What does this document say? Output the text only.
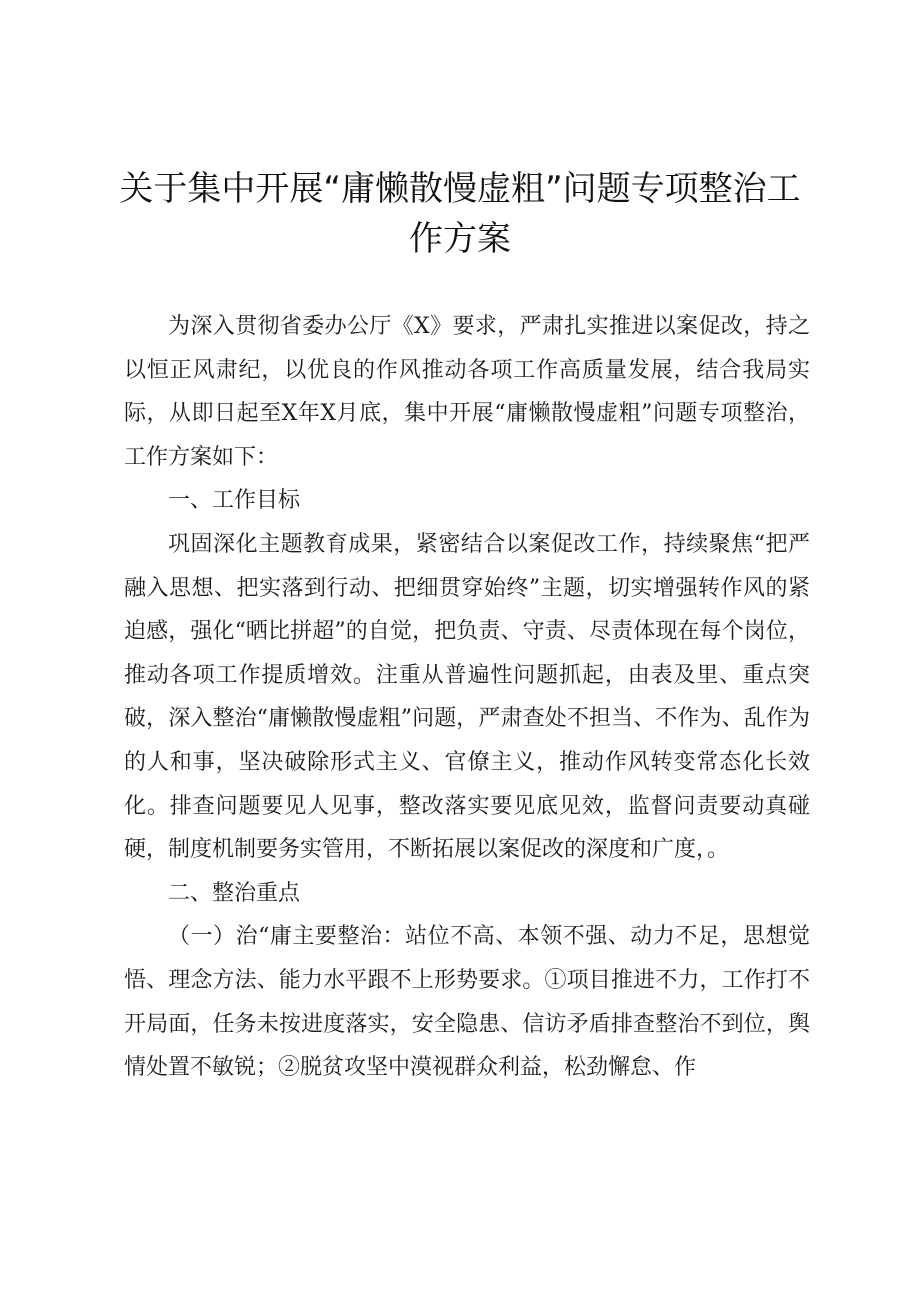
关于集中开展“庸懒散慢虚粗”问题专项整治工
作方案

为深入贯彻省委办公厅《X》要求，严肃扎实推进以案促改，持之以恒正风肃纪，以优良的作风推动各项工作高质量发展，结合我局实际，从即日起至X年X月底，集中开展“庸懒散慢虚粗”问题专项整治，工作方案如下：

一、工作目标

巩固深化主题教育成果，紧密结合以案促改工作，持续聚焦“把严融入思想、把实落到行动、把细贯穿始终”主题，切实增强转作风的紧迫感，强化“晒比拼超”的自觉，把负责、守责、尽责体现在每个岗位，推动各项工作提质增效。注重从普遍性问题抓起，由表及里、重点突破，深入整治“庸懒散慢虚粗”问题，严肃查处不担当、不作为、乱作为的人和事，坚决破除形式主义、官僚主义，推动作风转变常态化长效化。排查问题要见人见事，整改落实要见底见效，监督问责要动真碰硬，制度机制要务实管用，不断拓展以案促改的深度和广度，。

二、整治重点

（一）治“庸主要整治：站位不高、本领不强、动力不足，思想觉悟、理念方法、能力水平跟不上形势要求。①项目推进不力，工作打不开局面，任务未按进度落实，安全隐患、信访矛盾排查整治不到位，舆情处置不敏锐；②脱贫攻坚中漠视群众利益，松劲懈怠、作
